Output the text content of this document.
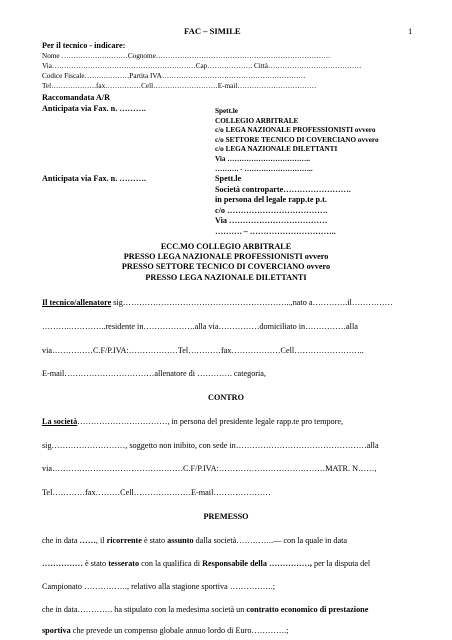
FAC – SIMILE	1
Per il tecnico - indicare:
Nome ……………….………Cognome……………………………………………………………….
Via……………………………………………………Cap………………. Città…………………………………
Codice Fiscale……….………Partita IVA……………………………………………………
Tel……………….fax……………Cell………………………E-mail……………………………
Raccomandata A/R
Anticipata via Fax. n. ……….	Spett.le
COLLEGIO ARBITRALE
c/o LEGA NAZIONALE PROFESSIONISTI ovvero
c/o SETTORE TECNICO DI COVERCIANO ovvero
c/o LEGA NAZIONALE DILETTANTI
Via ……………………………..
………. - ………………………..
Anticipata via Fax. n. ……….	Spett.le
Società controparte…………………….
in persona del legale rapp.te p.t.
c/o ……………………………….
Via ………………………………
………. – …………………………..
ECC.MO COLLEGIO ARBITRALE
PRESSO LEGA NAZIONALE PROFESSIONISTI ovvero
PRESSO SETTORE TECNICO DI COVERCIANO ovvero
PRESSO LEGA NAZIONALE DILETTANTI
Il tecnico/allenatore sig……………………………………………………..,nato a………….il……………
……….…………..residente in……………….alla via……………domiciliato in……………alla
via……………C.F/P.IVA:………………Tel…………fax………………Cell……………………..
E-mail……………………………allenatore di …………. categoria,
CONTRO
La società……………………………, in persona del presidente legale rapp.te pro tempore,
sig………………………, soggetto non inibito, con sede in…………………………………………alla
via…………………………………………C.F/P.IVA:…………………………………MATR. N……,
Tel…………fax………Cell…………………E-mail…………………
PREMESSO
che in data ……, il ricorrente è stato assunto dalla società…………..–– con la quale in data
…………… è stato tesserato con la qualifica di Responsabile della ……………, per la disputa del
Campionato ……………., relativo alla stagione sportiva …………….;
che in data…………. ha stipulato con la medesima società un contratto economico di prestazione
sportiva che prevede un compenso globale annuo lordo di Euro………….;
